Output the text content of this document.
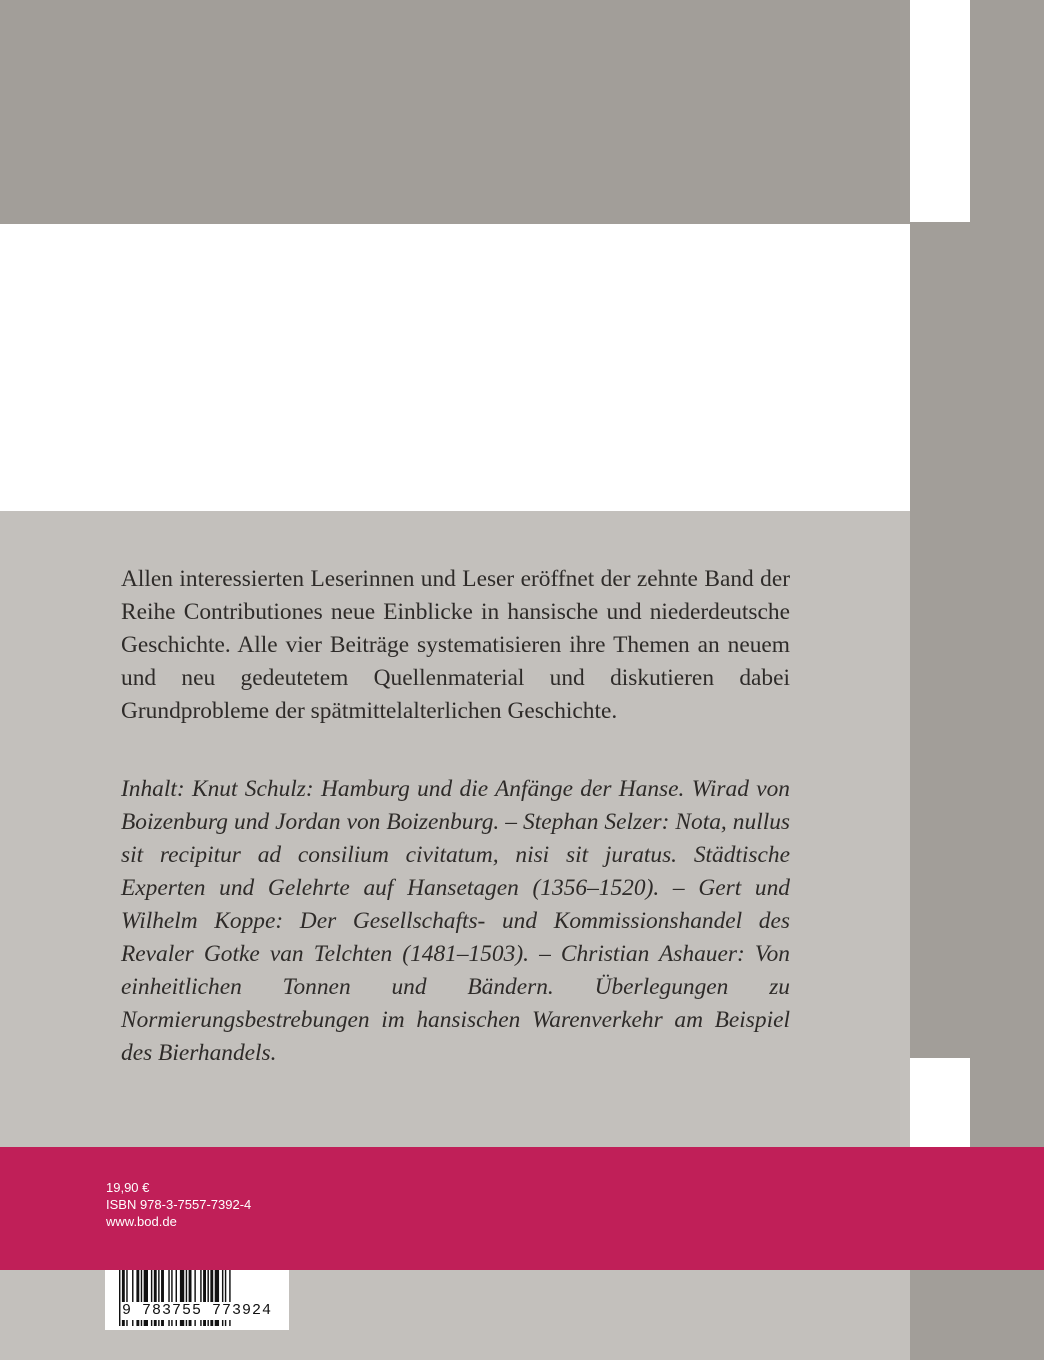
Allen interessierten Leserinnen und Leser eröffnet der zehnte Band der Reihe Contributiones neue Einblicke in hansische und niederdeutsche Geschichte. Alle vier Beiträge systematisieren ihre Themen an neuem und neu gedeutetem Quellenmaterial und diskutieren dabei Grundprobleme der spätmittelalterlichen Geschichte.

Inhalt: Knut Schulz: Hamburg und die Anfänge der Hanse. Wirad von Boizenburg und Jordan von Boizenburg. – Stephan Selzer: Nota, nullus sit recipitur ad consilium civitatum, nisi sit juratus. Städtische Experten und Gelehrte auf Hansetagen (1356–1520). – Gert und Wilhelm Koppe: Der Gesellschafts- und Kommissionshandel des Revaler Gotke van Telchten (1481–1503). – Christian Ashauer: Von einheitlichen Tonnen und Bändern. Überlegungen zu Normierungsbestrebungen im hansischen Warenverkehr am Beispiel des Bierhandels.

19,90 €
ISBN 978-3-7557-7392-4
www.bod.de
9 783755 773924
